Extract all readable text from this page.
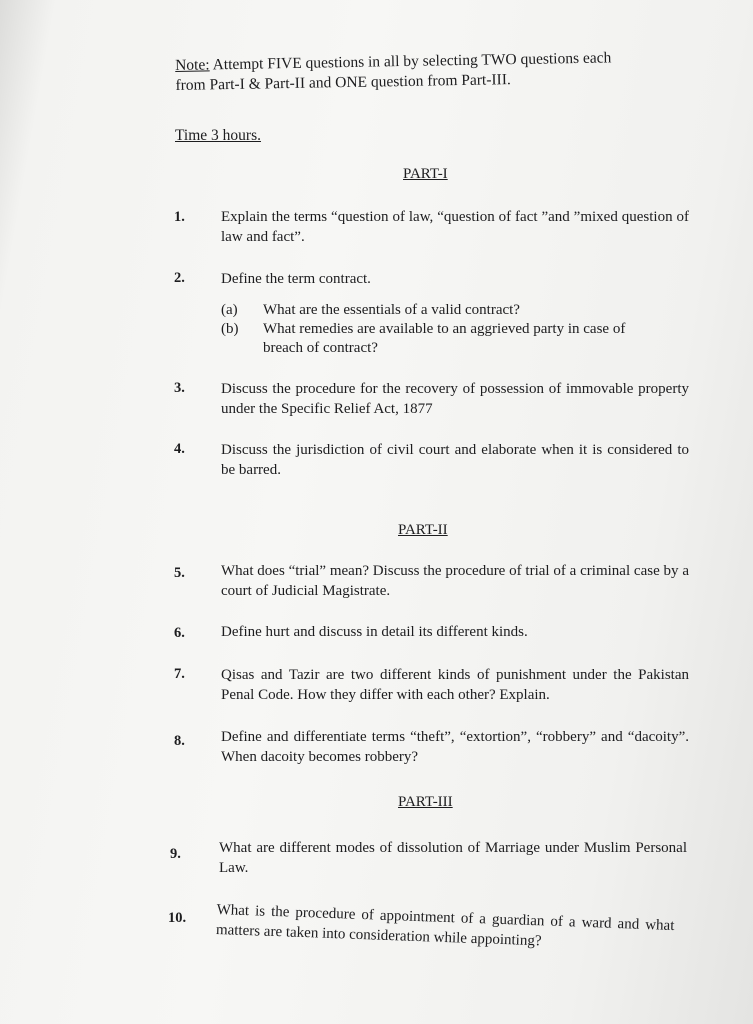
Note: Attempt FIVE questions in all by selecting TWO questions each
from Part-I & Part-II and ONE question from Part-III.
Time 3 hours.
PART-I
1.	Explain the terms “question of law, “question of fact ”and ”mixed question of law and fact”.
2.	Define the term contract.
(a) What are the essentials of a valid contract?
(b) What remedies are available to an aggrieved party in case of breach of contract?
3.	Discuss the procedure for the recovery of possession of immovable property under the Specific Relief Act, 1877
4.	Discuss the jurisdiction of civil court and elaborate when it is considered to be barred.
PART-II
5.	What does “trial” mean? Discuss the procedure of trial of a criminal case by a court of Judicial Magistrate.
6.	Define hurt and discuss in detail its different kinds.
7.	Qisas and Tazir are two different kinds of punishment under the Pakistan Penal Code. How they differ with each other? Explain.
8.	Define and differentiate terms “theft”, “extortion”, “robbery” and “dacoity”. When dacoity becomes robbery?
PART-III
9.	What are different modes of dissolution of Marriage under Muslim Personal Law.
10.	What is the procedure of appointment of a guardian of a ward and what matters are taken into consideration while appointing?
